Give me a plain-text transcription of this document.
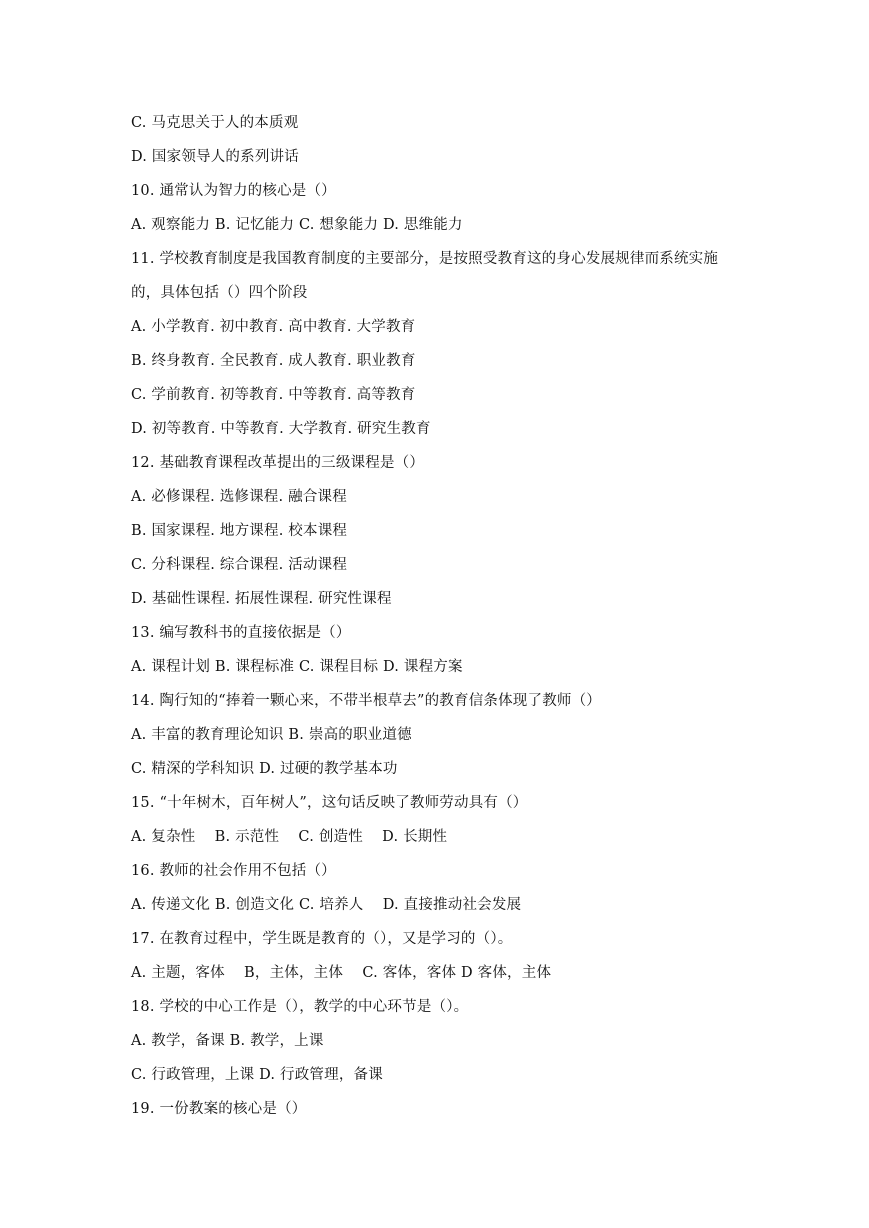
C. 马克思关于人的本质观
D. 国家领导人的系列讲话
10. 通常认为智力的核心是（）
A. 观察能力 B. 记忆能力 C. 想象能力 D. 思维能力
11. 学校教育制度是我国教育制度的主要部分，是按照受教育这的身心发展规律而系统实施
的，具体包括（）四个阶段
A. 小学教育. 初中教育. 高中教育. 大学教育
B. 终身教育. 全民教育. 成人教育. 职业教育
C. 学前教育. 初等教育. 中等教育. 高等教育
D. 初等教育. 中等教育. 大学教育. 研究生教育
12. 基础教育课程改革提出的三级课程是（）
A. 必修课程. 选修课程. 融合课程
B. 国家课程. 地方课程. 校本课程
C. 分科课程. 综合课程. 活动课程
D. 基础性课程. 拓展性课程. 研究性课程
13. 编写教科书的直接依据是（）
A. 课程计划 B. 课程标准 C. 课程目标 D. 课程方案
14. 陶行知的“捧着一颗心来，不带半根草去”的教育信条体现了教师（）
A. 丰富的教育理论知识 B. 崇高的职业道德
C. 精深的学科知识 D. 过硬的教学基本功
15. “十年树木，百年树人”，这句话反映了教师劳动具有（）
A. 复杂性    B. 示范性    C. 创造性    D. 长期性
16. 教师的社会作用不包括（）
A. 传递文化 B. 创造文化 C. 培养人    D. 直接推动社会发展
17. 在教育过程中，学生既是教育的（），又是学习的（）。
A. 主题，客体    B，主体，主体    C. 客体，客体 D 客体，主体
18. 学校的中心工作是（），教学的中心环节是（）。
A. 教学，备课 B. 教学，上课
C. 行政管理，上课 D. 行政管理，备课
19. 一份教案的核心是（）
